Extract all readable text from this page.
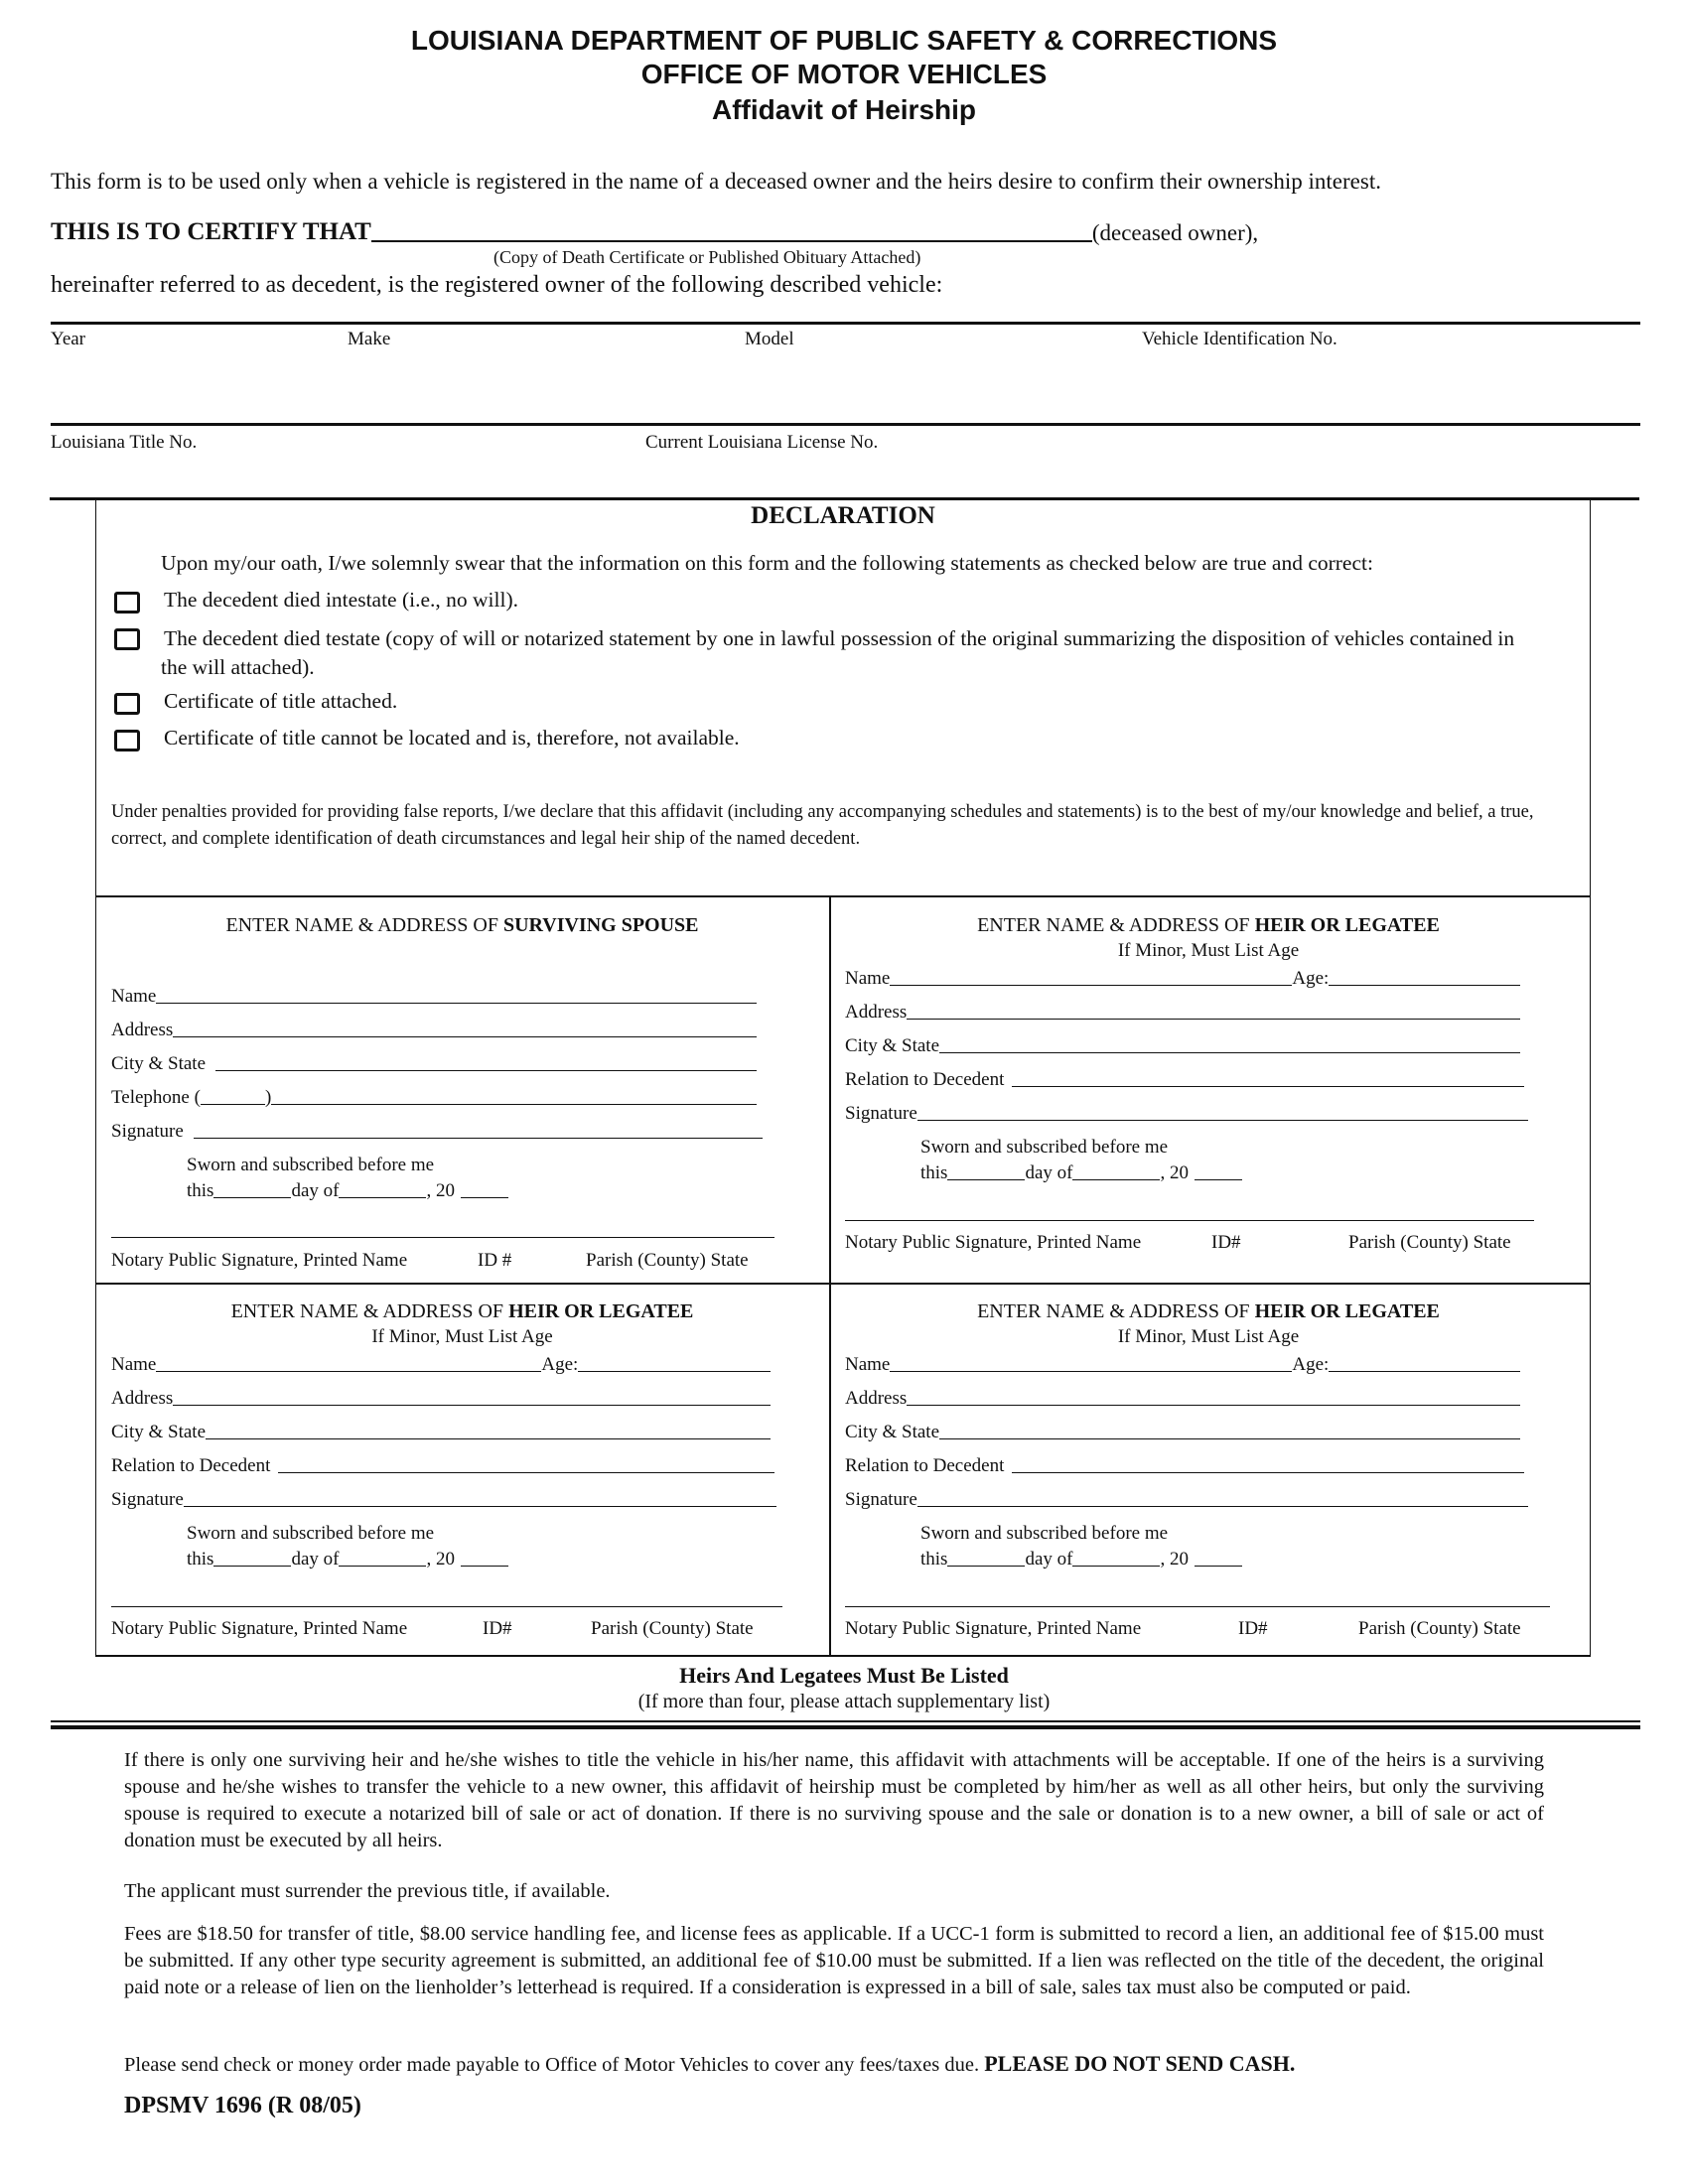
LOUISIANA DEPARTMENT OF PUBLIC SAFETY & CORRECTIONS
OFFICE OF MOTOR VEHICLES
Affidavit of Heirship
This form is to be used only when a vehicle is registered in the name of a deceased owner and the heirs desire to confirm their ownership interest.
THIS IS TO CERTIFY THAT	(deceased owner),
(Copy of Death Certificate or Published Obituary Attached)
hereinafter referred to as decedent, is the registered owner of the following described vehicle:
Year	Make	Model	Vehicle Identification No.
Louisiana Title No.	Current Louisiana License No.
DECLARATION
Upon my/our oath, I/we solemnly swear that the information on this form and the following statements as checked below are true and correct:
The decedent died intestate (i.e., no will).
The decedent died testate (copy of will or notarized statement by one in lawful possession of the original summarizing the disposition of vehicles contained in the will attached).
Certificate of title attached.
Certificate of title cannot be located and is, therefore, not available.
Under penalties provided for providing false reports, I/we declare that this affidavit (including any accompanying schedules and statements) is to the best of my/our knowledge and belief, a true, correct, and complete identification of death circumstances and legal heir ship of the named decedent.
ENTER NAME & ADDRESS OF SURVIVING SPOUSE
Name
Address
City & State
Telephone (	)
Signature
Sworn and subscribed before me
this	day of	, 20
Notary Public Signature, Printed Name	ID #	Parish (County) State
ENTER NAME & ADDRESS OF HEIR OR LEGATEE
If Minor, Must List Age
Name	Age:
Address
City & State
Relation to Decedent
Signature
Sworn and subscribed before me
this	day of	, 20
Notary Public Signature, Printed Name	ID#	Parish (County) State
ENTER NAME & ADDRESS OF HEIR OR LEGATEE
If Minor, Must List Age
Name	Age:
Address
City & State
Relation to Decedent
Signature
Sworn and subscribed before me
this	day of	, 20
Notary Public Signature, Printed Name	ID#	Parish (County) State
ENTER NAME & ADDRESS OF HEIR OR LEGATEE
If Minor, Must List Age
Name	Age:
Address
City & State
Relation to Decedent
Signature
Sworn and subscribed before me
this	day of	, 20
Notary Public Signature, Printed Name	ID#	Parish (County) State
Heirs And Legatees Must Be Listed
(If more than four, please attach supplementary list)
If there is only one surviving heir and he/she wishes to title the vehicle in his/her name, this affidavit with attachments will be acceptable. If one of the heirs is a surviving spouse and he/she wishes to transfer the vehicle to a new owner, this affidavit of heirship must be completed by him/her as well as all other heirs, but only the surviving spouse is required to execute a notarized bill of sale or act of donation. If there is no surviving spouse and the sale or donation is to a new owner, a bill of sale or act of donation must be executed by all heirs.
The applicant must surrender the previous title, if available.
Fees are $18.50 for transfer of title, $8.00 service handling fee, and license fees as applicable. If a UCC-1 form is submitted to record a lien, an additional fee of $15.00 must be submitted. If any other type security agreement is submitted, an additional fee of $10.00 must be submitted. If a lien was reflected on the title of the decedent, the original paid note or a release of lien on the lienholder’s letterhead is required. If a consideration is expressed in a bill of sale, sales tax must also be computed or paid.
Please send check or money order made payable to Office of Motor Vehicles to cover any fees/taxes due. PLEASE DO NOT SEND CASH.
DPSMV 1696 (R 08/05)
